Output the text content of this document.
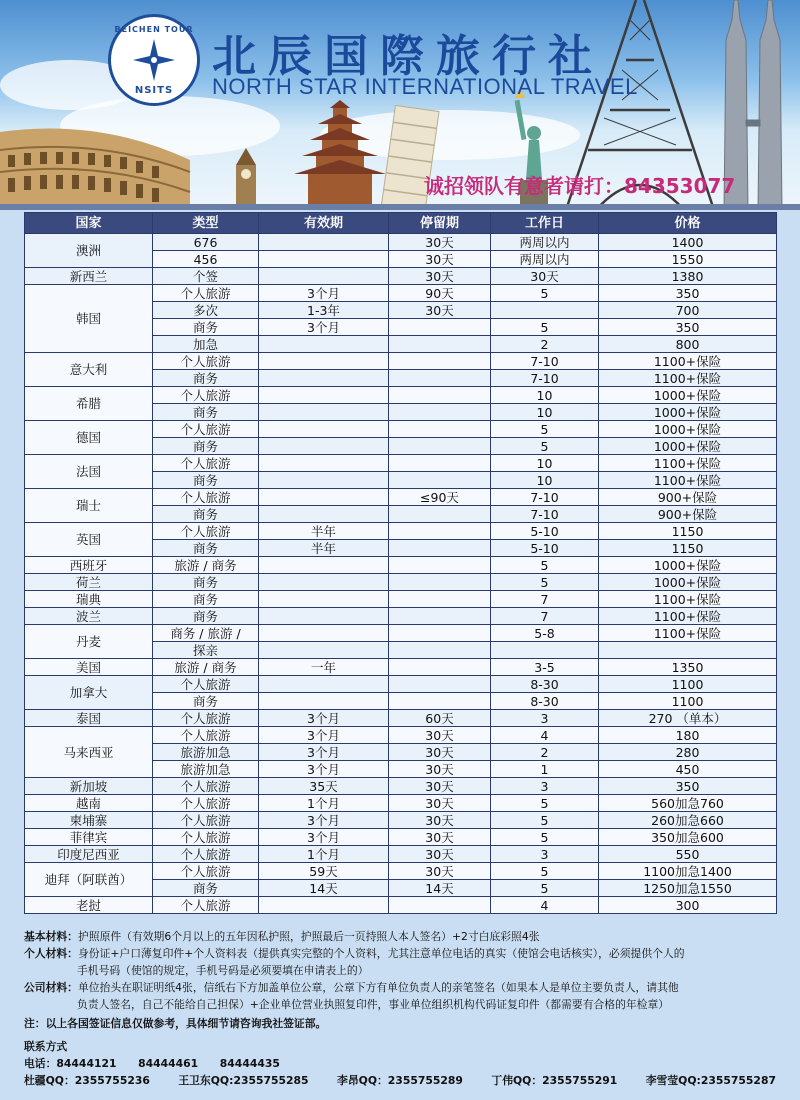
BEICHEN TOUR
NSITS
北辰国際旅行社
NORTH STAR INTERNATIONAL TRAVEL
诚招领队有意者请打：84353077
国家	类型	有效期	停留期	工作日	价格
澳洲	676		30天	两周以内	1400
	456		30天	两周以内	1550
新西兰	个签		30天	30天	1380
韩国	个人旅游	3个月	90天	5	350
	多次	1-3年	30天		700
	商务	3个月		5	350
	加急			2	800
意大利	个人旅游			7-10	1100+保险
	商务			7-10	1100+保险
希腊	个人旅游			10	1000+保险
	商务			10	1000+保险
德国	个人旅游			5	1000+保险
	商务			5	1000+保险
法国	个人旅游			10	1100+保险
	商务			10	1100+保险
瑞士	个人旅游		≤90天	7-10	900+保险
	商务			7-10	900+保险
英国	个人旅游	半年		5-10	1150
	商务	半年		5-10	1150
西班牙	旅游 / 商务			5	1000+保险
荷兰	商务			5	1000+保险
瑞典	商务			7	1100+保险
波兰	商务			7	1100+保险
丹麦	商务 / 旅游 /			5-8	1100+保险
	探亲				
美国	旅游 / 商务	一年		3-5	1350
加拿大	个人旅游			8-30	1100
	商务			8-30	1100
泰国	个人旅游	3个月	60天	3	270 （单本）
马来西亚	个人旅游	3个月	30天	4	180
	旅游加急	3个月	30天	2	280
	旅游加急	3个月	30天	1	450
新加坡	个人旅游	35天	30天	3	350
越南	个人旅游	1个月	30天	5	560加急760
柬埔寨	个人旅游	3个月	30天	5	260加急660
菲律宾	个人旅游	3个月	30天	5	350加急600
印度尼西亚	个人旅游	1个月	30天	3	550
迪拜（阿联酋）	个人旅游	59天	30天	5	1100加急1400
	商务	14天	14天	5	1250加急1550
老挝	个人旅游			4	300
基本材料：护照原件（有效期6个月以上的五年因私护照，护照最后一页持照人本人签名）+2寸白底彩照4张
个人材料：身份证+户口薄复印件+个人资料表（提供真实完整的个人资料，尤其注意单位电话的真实（使馆会电话核实），必须提供个人的
手机号码（使馆的规定，手机号码是必须要填在申请表上的）
公司材料：单位抬头在职证明纸4张，信纸右下方加盖单位公章，公章下方有单位负责人的亲笔签名（如果本人是单位主要负责人，请其他
负责人签名，自己不能给自己担保）+企业单位营业执照复印件，事业单位组织机构代码证复印件（都需要有合格的年检章）
注：以上各国签证信息仅做参考，具体细节请咨询我社签证部。
联系方式
电话：84444121　　84444461　　84444435
杜疆QQ：2355755236	王卫东QQ:2355755285	李昂QQ：2355755289	丁伟QQ：2355755291	李雪莹QQ:2355755287
